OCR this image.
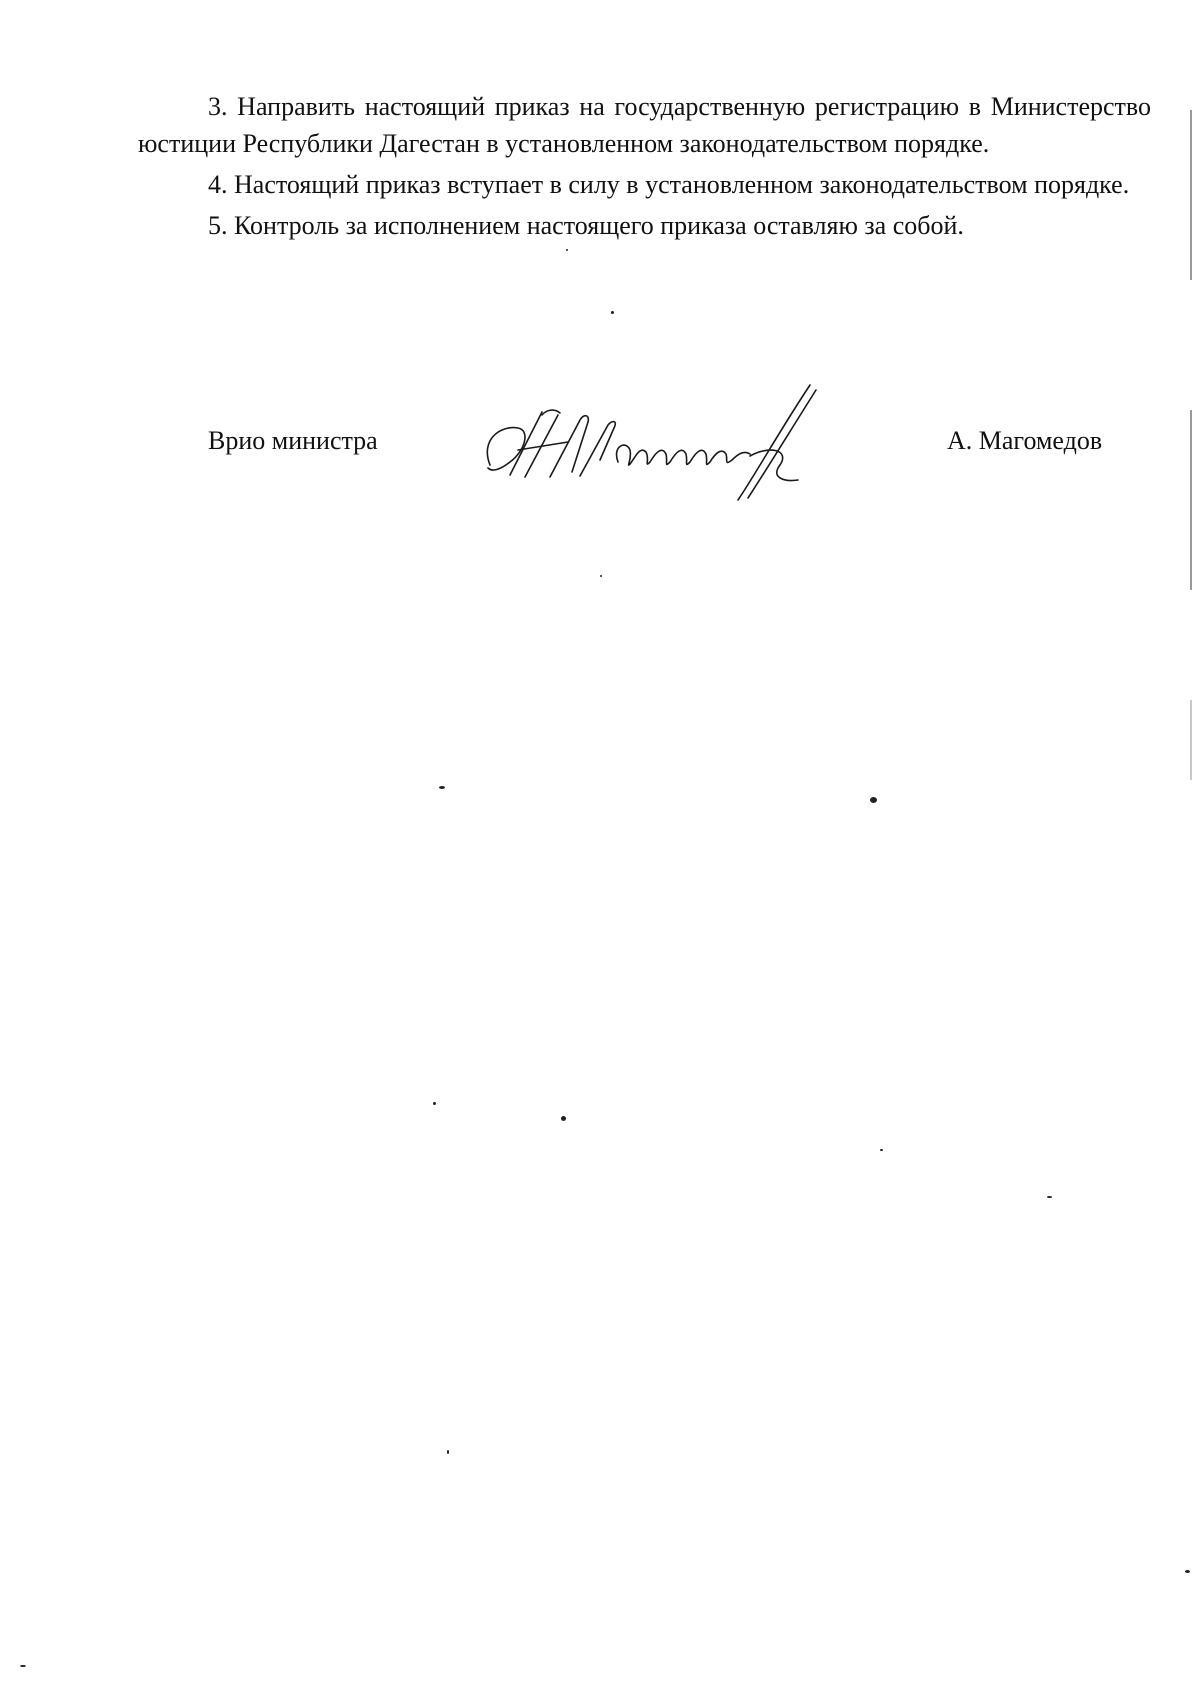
3. Направить настоящий приказ на государственную регистрацию в Министерство юстиции Республики Дагестан в установленном законодательством порядке.

4. Настоящий приказ вступает в силу в установленном законодательством порядке.

5. Контроль за исполнением настоящего приказа оставляю за собой.

Врио министра	А. Магомедов
